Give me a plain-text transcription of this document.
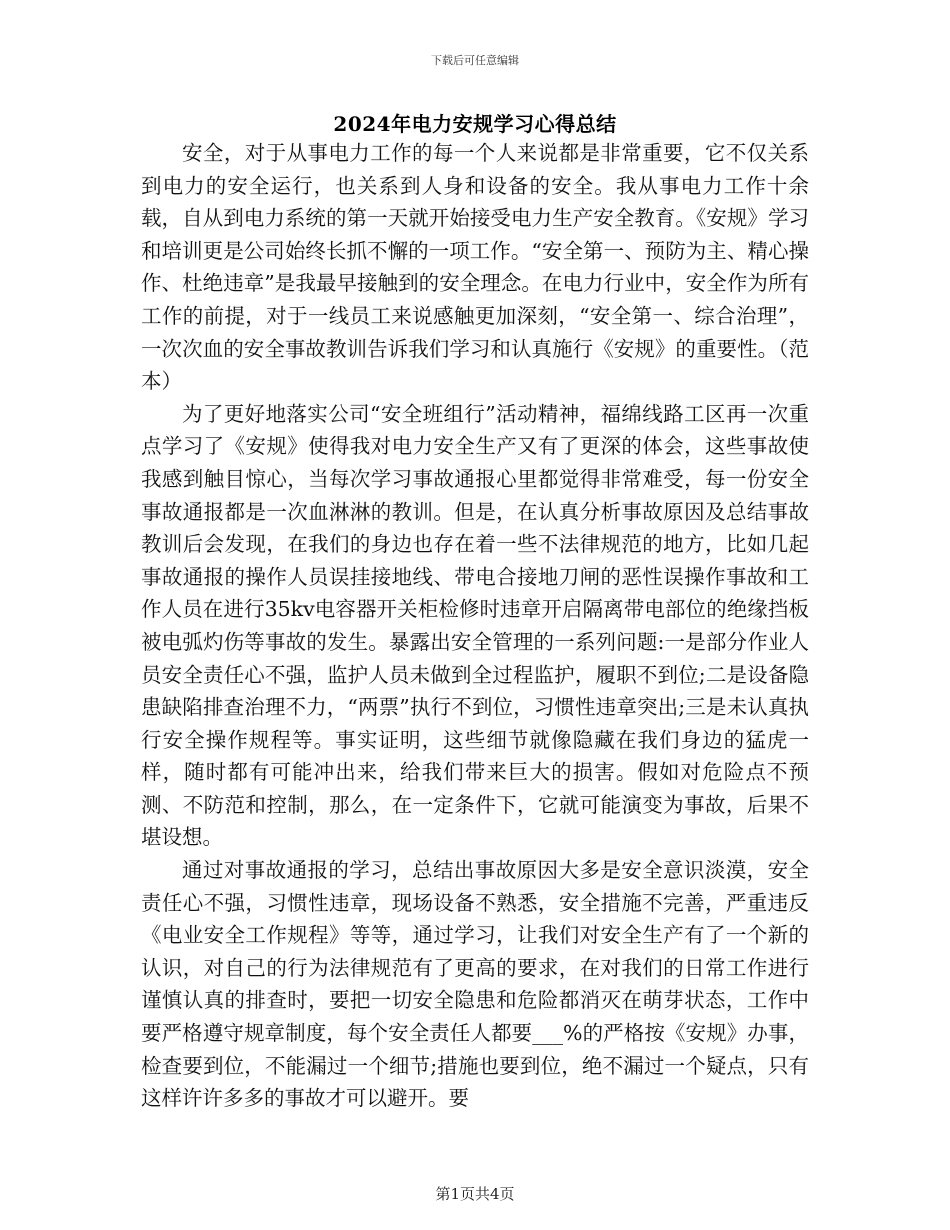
下载后可任意编辑
2024年电力安规学习心得总结

安全，对于从事电力工作的每一个人来说都是非常重要，它不仅关系到电力的安全运行，也关系到人身和设备的安全。我从事电力工作十余载，自从到电力系统的第一天就开始接受电力生产安全教育。《安规》学习和培训更是公司始终长抓不懈的一项工作。“安全第一、预防为主、精心操作、杜绝违章”是我最早接触到的安全理念。在电力行业中，安全作为所有工作的前提，对于一线员工来说感触更加深刻，“安全第一、综合治理”，一次次血的安全事故教训告诉我们学习和认真施行《安规》的重要性。（范本）

为了更好地落实公司“安全班组行”活动精神，福绵线路工区再一次重点学习了《安规》使得我对电力安全生产又有了更深的体会，这些事故使我感到触目惊心，当每次学习事故通报心里都觉得非常难受，每一份安全事故通报都是一次血淋淋的教训。但是，在认真分析事故原因及总结事故教训后会发现，在我们的身边也存在着一些不法律规范的地方，比如几起事故通报的操作人员误挂接地线、带电合接地刀闸的恶性误操作事故和工作人员在进行35kv电容器开关柜检修时违章开启隔离带电部位的绝缘挡板被电弧灼伤等事故的发生。暴露出安全管理的一系列问题:一是部分作业人员安全责任心不强，监护人员未做到全过程监护，履职不到位;二是设备隐患缺陷排查治理不力，“两票”执行不到位，习惯性违章突出;三是未认真执行安全操作规程等。事实证明，这些细节就像隐藏在我们身边的猛虎一样，随时都有可能冲出来，给我们带来巨大的损害。假如对危险点不预测、不防范和控制，那么，在一定条件下，它就可能演变为事故，后果不堪设想。

通过对事故通报的学习，总结出事故原因大多是安全意识淡漠，安全责任心不强，习惯性违章，现场设备不熟悉，安全措施不完善，严重违反《电业安全工作规程》等等，通过学习，让我们对安全生产有了一个新的认识，对自己的行为法律规范有了更高的要求，在对我们的日常工作进行谨慎认真的排查时，要把一切安全隐患和危险都消灭在萌芽状态，工作中要严格遵守规章制度，每个安全责任人都要___%的严格按《安规》办事，检查要到位，不能漏过一个细节;措施也要到位，绝不漏过一个疑点，只有这样许许多多的事故才可以避开。要

第1页共4页
